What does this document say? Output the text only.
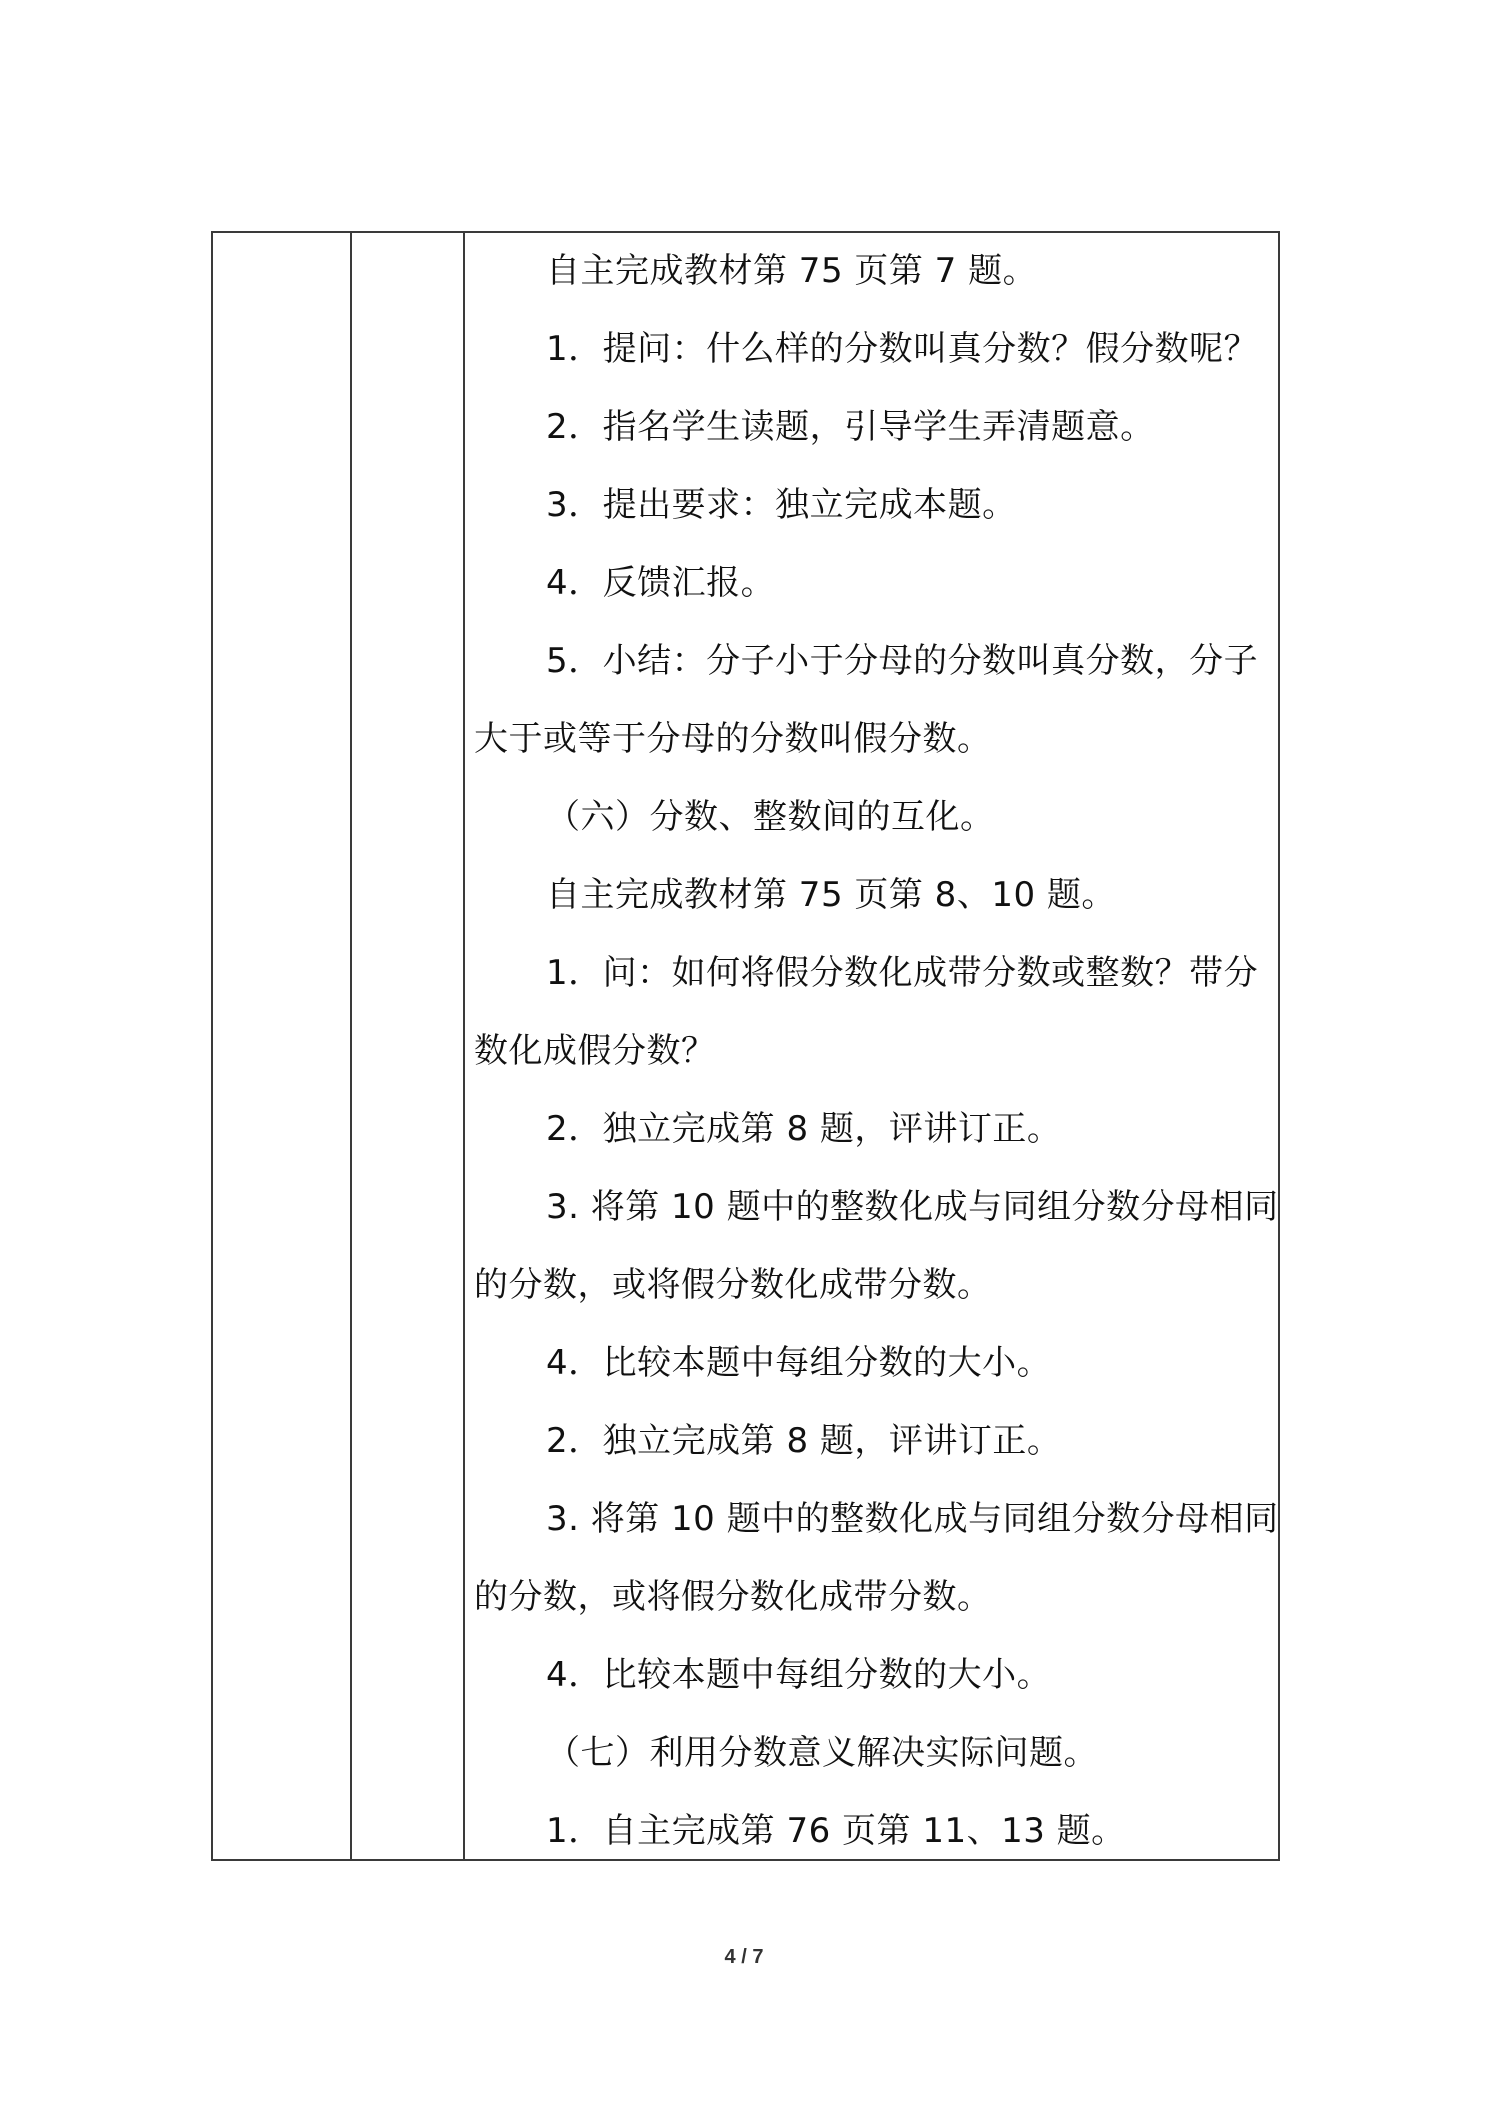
自主完成教材第 75 页第 7 题。
1．提问：什么样的分数叫真分数？假分数呢？
2．指名学生读题，引导学生弄清题意。
3．提出要求：独立完成本题。
4．反馈汇报。
5．小结：分子小于分母的分数叫真分数，分子
大于或等于分母的分数叫假分数。
（六）分数、整数间的互化。
自主完成教材第 75 页第 8、10 题。
1．问：如何将假分数化成带分数或整数？带分
数化成假分数？
2．独立完成第 8 题，评讲订正。
3. 将第 10 题中的整数化成与同组分数分母相同
的分数，或将假分数化成带分数。
4．比较本题中每组分数的大小。
2．独立完成第 8 题，评讲订正。
3. 将第 10 题中的整数化成与同组分数分母相同
的分数，或将假分数化成带分数。
4．比较本题中每组分数的大小。
（七）利用分数意义解决实际问题。
1．自主完成第 76 页第 11、13 题。
4 / 7
